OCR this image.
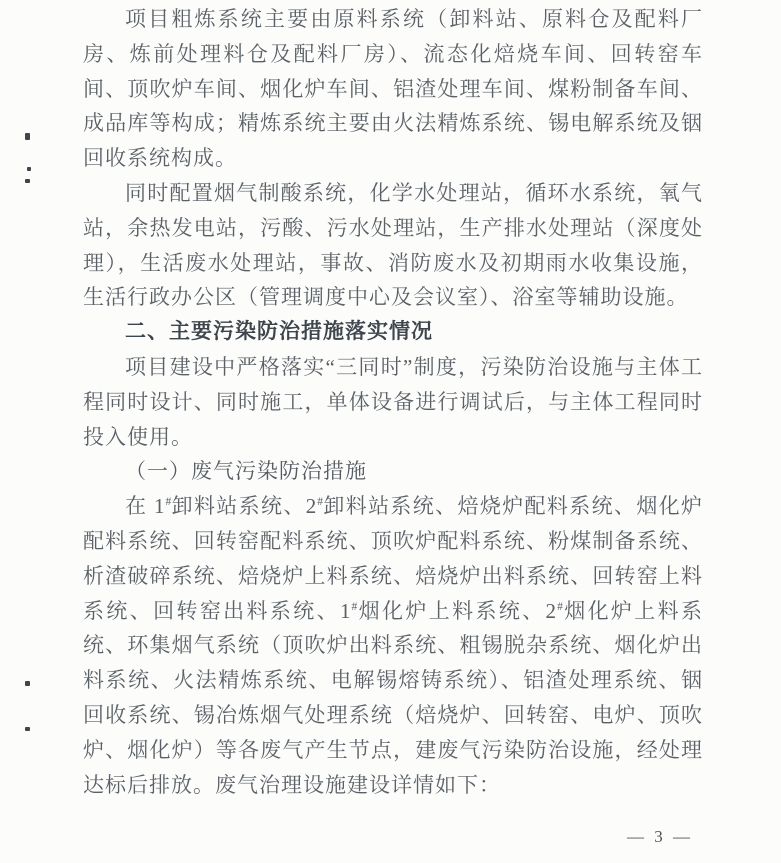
项目粗炼系统主要由原料系统（卸料站、原料仓及配料厂房、炼前处理料仓及配料厂房）、流态化焙烧车间、回转窑车间、顶吹炉车间、烟化炉车间、铝渣处理车间、煤粉制备车间、成品库等构成；精炼系统主要由火法精炼系统、锡电解系统及铟回收系统构成。

同时配置烟气制酸系统，化学水处理站，循环水系统，氧气站，余热发电站，污酸、污水处理站，生产排水处理站（深度处理），生活废水处理站，事故、消防废水及初期雨水收集设施，生活行政办公区（管理调度中心及会议室）、浴室等辅助设施。

二、主要污染防治措施落实情况

项目建设中严格落实“三同时”制度，污染防治设施与主体工程同时设计、同时施工，单体设备进行调试后，与主体工程同时投入使用。

（一）废气污染防治措施

在 1#卸料站系统、2#卸料站系统、焙烧炉配料系统、烟化炉配料系统、回转窑配料系统、顶吹炉配料系统、粉煤制备系统、析渣破碎系统、焙烧炉上料系统、焙烧炉出料系统、回转窑上料系统、回转窑出料系统、1#烟化炉上料系统、2#烟化炉上料系统、环集烟气系统（顶吹炉出料系统、粗锡脱杂系统、烟化炉出料系统、火法精炼系统、电解锡熔铸系统）、铝渣处理系统、铟回收系统、锡冶炼烟气处理系统（焙烧炉、回转窑、电炉、顶吹炉、烟化炉）等各废气产生节点，建废气污染防治设施，经处理达标后排放。废气治理设施建设详情如下：

— 3 —
